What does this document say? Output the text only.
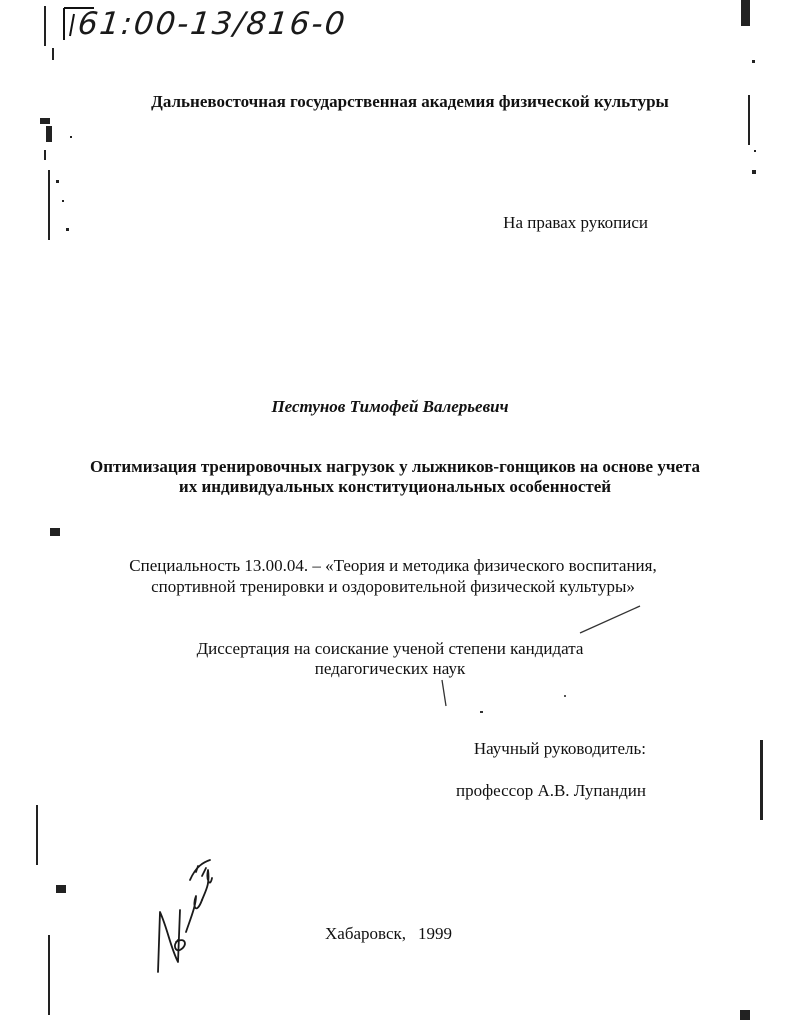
61:00-13/816-0
Дальневосточная государственная академия физической культуры
На правах рукописи
Пестунов Тимофей Валерьевич
Оптимизация тренировочных нагрузок у лыжников-гонщиков на основе учета их индивидуальных конституциональных особенностей
Специальность 13.00.04. – «Теория и методика физического воспитания, спортивной тренировки и оздоровительной физической культуры»
Диссертация на соискание ученой степени кандидата педагогических наук
Научный руководитель:
профессор А.В. Лупандин
Хабаровск, 1999
